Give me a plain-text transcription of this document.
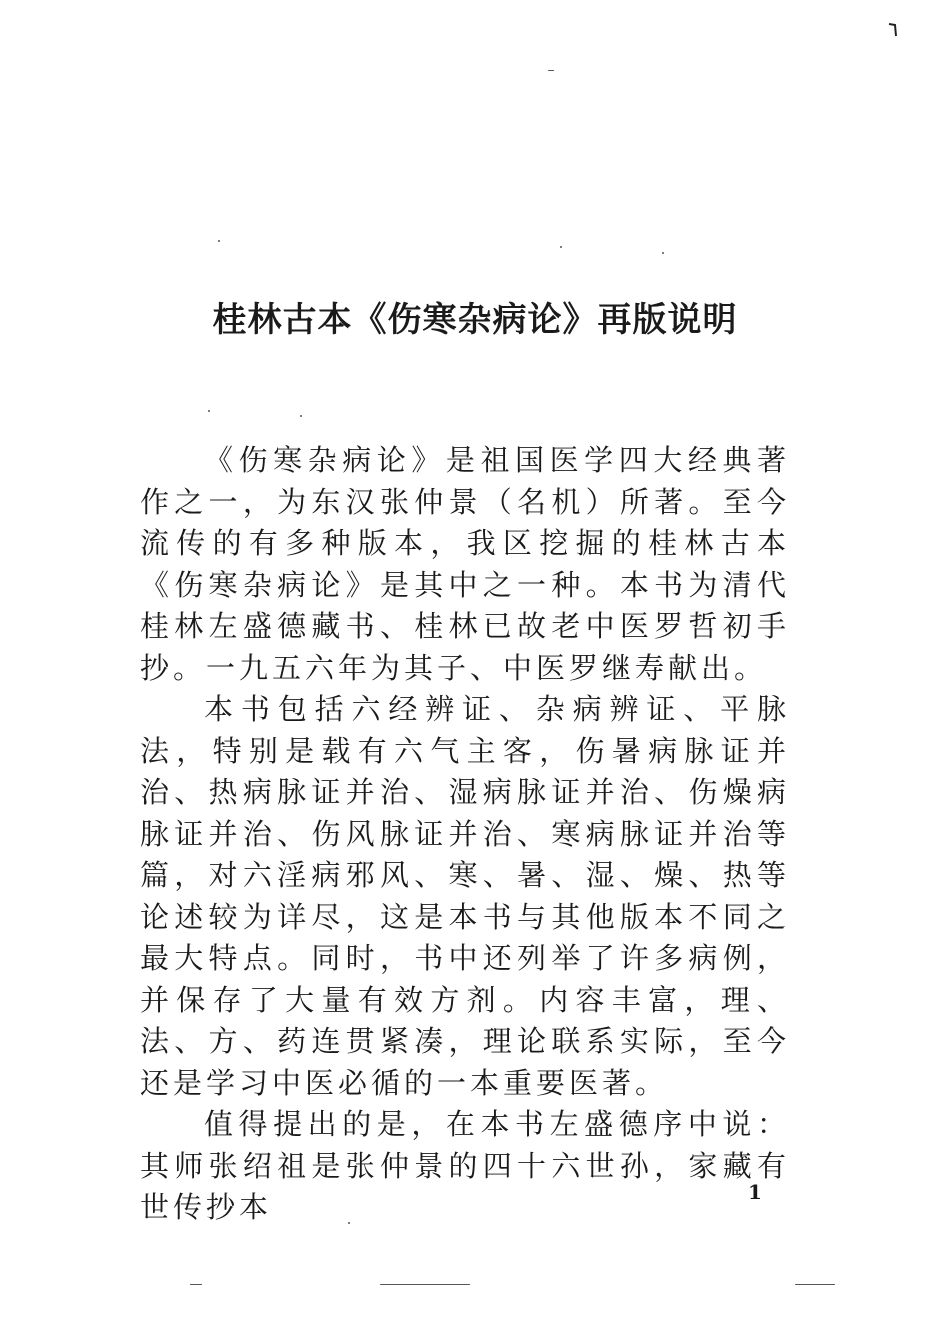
桂林古本《伤寒杂病论》再版说明

《伤寒杂病论》是祖国医学四大经典著作之一，为东汉张仲景（名机）所著。至今流传的有多种版本，我区挖掘的桂林古本《伤寒杂病论》是其中之一种。本书为清代桂林左盛德藏书、桂林已故老中医罗哲初手抄。一九五六年为其子、中医罗继寿献出。

本书包括六经辨证、杂病辨证、平脉法，特别是载有六气主客，伤暑病脉证并治、热病脉证并治、湿病脉证并治、伤燥病脉证并治、伤风脉证并治、寒病脉证并治等篇，对六淫病邪风、寒、暑、湿、燥、热等论述较为详尽，这是本书与其他版本不同之最大特点。同时，书中还列举了许多病例，并保存了大量有效方剂。内容丰富，理、法、方、药连贯紧凑，理论联系实际，至今还是学习中医必循的一本重要医著。

值得提出的是，在本书左盛德序中说：其师张绍祖是张仲景的四十六世孙，家藏有世传抄本	1
